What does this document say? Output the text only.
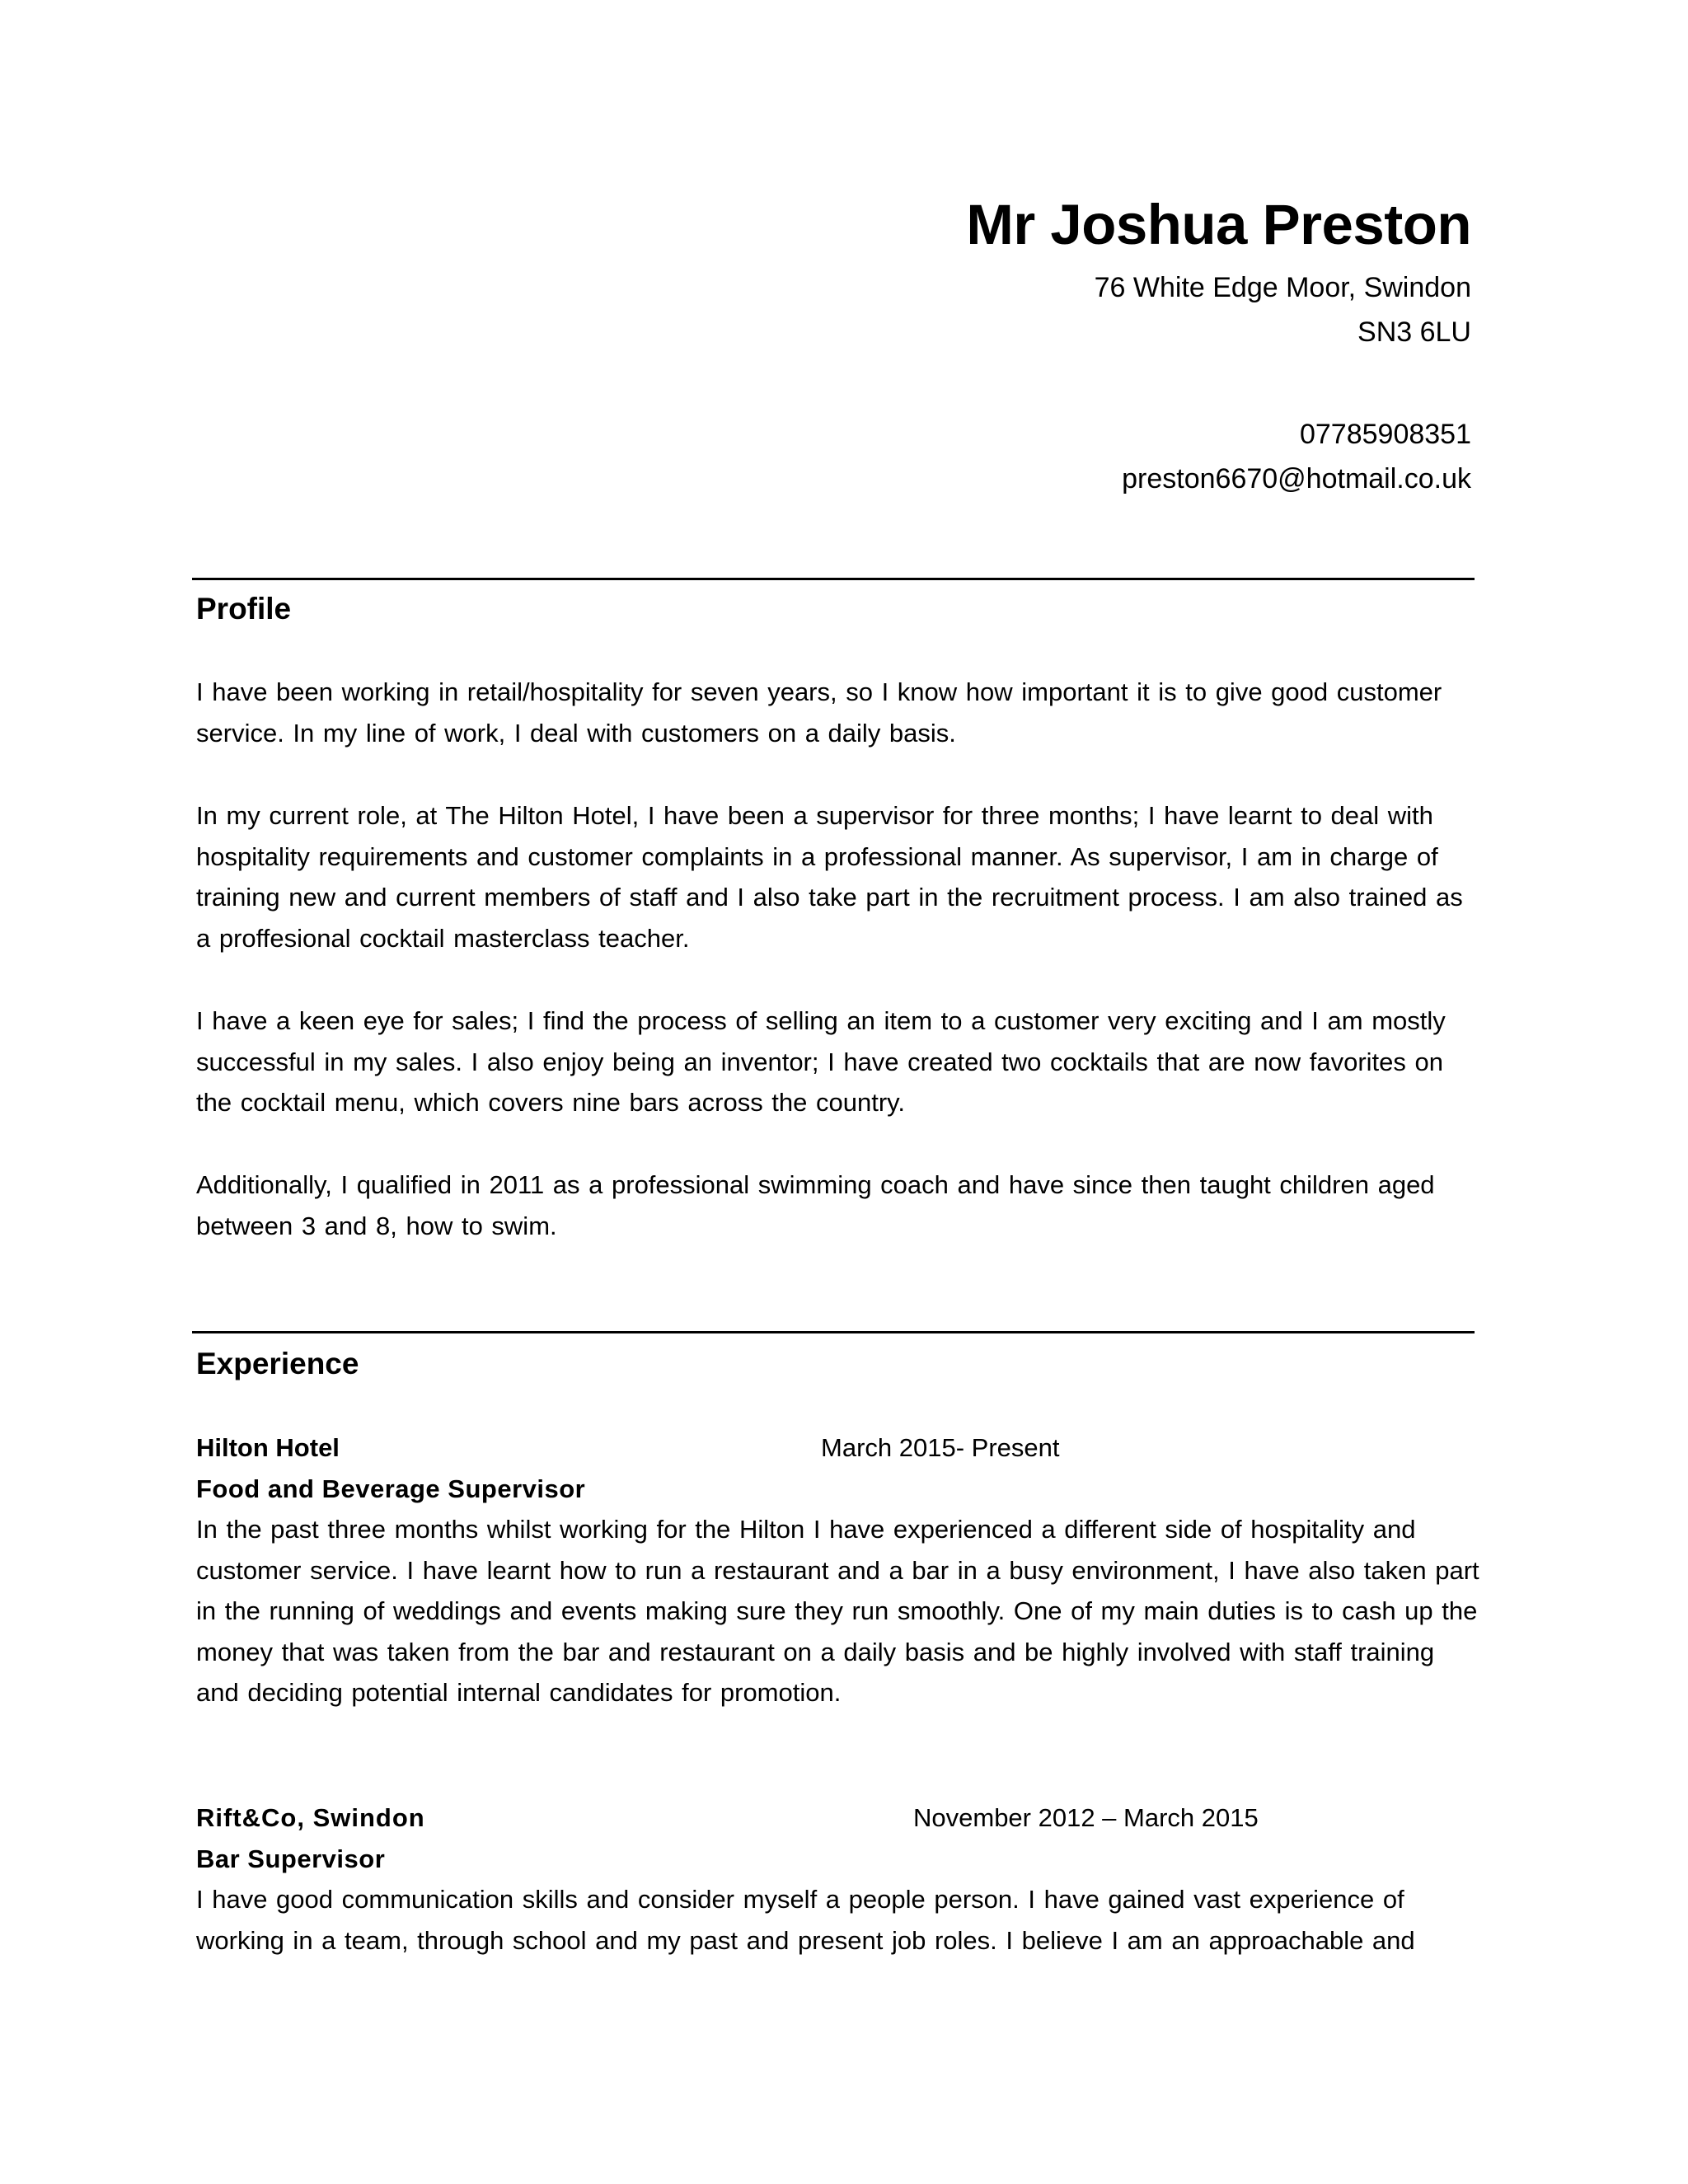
Mr Joshua Preston

76 White Edge Moor, Swindon

SN3 6LU

07785908351

preston6670@hotmail.co.uk

Profile

I have been working in retail/hospitality for seven years, so I know how important it is to give good customer service. In my line of work, I deal with customers on a daily basis.

In my current role, at The Hilton Hotel, I have been a supervisor for three months; I have learnt to deal with hospitality requirements and customer complaints in a professional manner. As supervisor, I am in charge of training new and current members of staff and I also take part in the recruitment process. I am also trained as a proffesional cocktail masterclass teacher.

I have a keen eye for sales; I find the process of selling an item to a customer very exciting and I am mostly successful in my sales. I also enjoy being an inventor; I have created two cocktails that are now favorites on the cocktail menu, which covers nine bars across the country.

Additionally, I qualified in 2011 as a professional swimming coach and have since then taught children aged between 3 and 8, how to swim.

Experience

Hilton Hotel	March 2015- Present

Food and Beverage Supervisor

In the past three months whilst working for the Hilton I have experienced a different side of hospitality and customer service. I have learnt how to run a restaurant and a bar in a busy environment, I have also taken part in the running of weddings and events making sure they run smoothly. One of my main duties is to cash up the money that was taken from the bar and restaurant on a daily basis and be highly involved with staff training and deciding potential internal candidates for promotion.

Rift&Co, Swindon	November 2012 – March 2015

Bar Supervisor

I have good communication skills and consider myself a people person. I have gained vast experience of working in a team, through school and my past and present job roles. I believe I am an approachable and
